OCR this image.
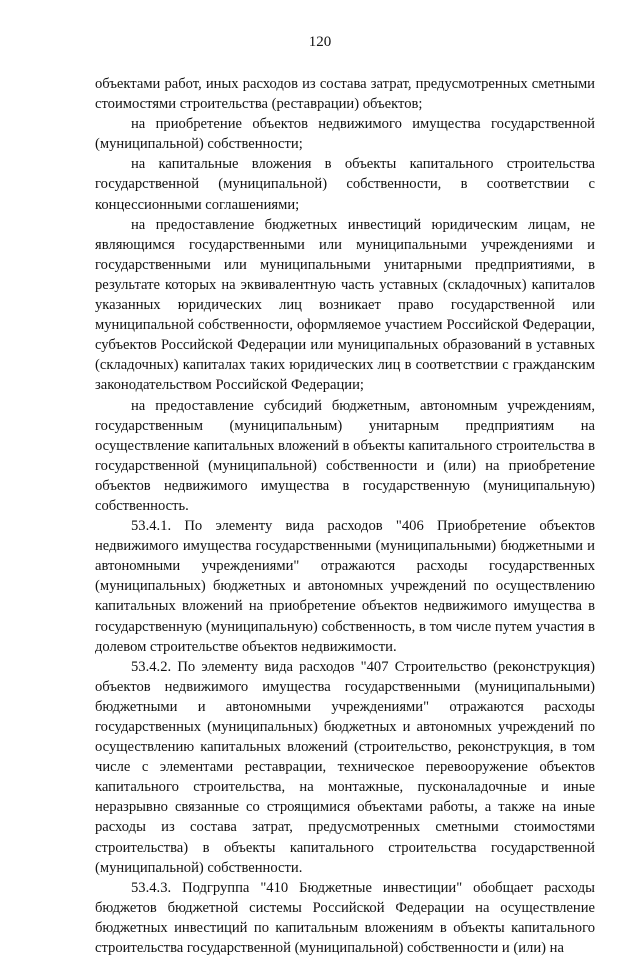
120

объектами работ, иных расходов из состава затрат, предусмотренных сметными стоимостями строительства (реставрации) объектов;

на приобретение объектов недвижимого имущества государственной (муниципальной) собственности;

на капитальные вложения в объекты капитального строительства государственной (муниципальной) собственности, в соответствии с концессионными соглашениями;

на предоставление бюджетных инвестиций юридическим лицам, не являющимся государственными или муниципальными учреждениями и государственными или муниципальными унитарными предприятиями, в результате которых на эквивалентную часть уставных (складочных) капиталов указанных юридических лиц возникает право государственной или муниципальной собственности, оформляемое участием Российской Федерации, субъектов Российской Федерации или муниципальных образований в уставных (складочных) капиталах таких юридических лиц в соответствии с гражданским законодательством Российской Федерации;

на предоставление субсидий бюджетным, автономным учреждениям, государственным (муниципальным) унитарным предприятиям на осуществление капитальных вложений в объекты капитального строительства в государственной (муниципальной) собственности и (или) на приобретение объектов недвижимого имущества в государственную (муниципальную) собственность.

53.4.1. По элементу вида расходов "406 Приобретение объектов недвижимого имущества государственными (муниципальными) бюджетными и автономными учреждениями" отражаются расходы государственных (муниципальных) бюджетных и автономных учреждений по осуществлению капитальных вложений на приобретение объектов недвижимого имущества в государственную (муниципальную) собственность, в том числе путем участия в долевом строительстве объектов недвижимости.

53.4.2. По элементу вида расходов "407 Строительство (реконструкция) объектов недвижимого имущества государственными (муниципальными) бюджетными и автономными учреждениями" отражаются расходы государственных (муниципальных) бюджетных и автономных учреждений по осуществлению капитальных вложений (строительство, реконструкция, в том числе с элементами реставрации, техническое перевооружение объектов капитального строительства, на монтажные, пусконаладочные и иные неразрывно связанные со строящимися объектами работы, а также на иные расходы из состава затрат, предусмотренных сметными стоимостями строительства) в объекты капитального строительства государственной (муниципальной) собственности.

53.4.3. Подгруппа "410 Бюджетные инвестиции" обобщает расходы бюджетов бюджетной системы Российской Федерации на осуществление бюджетных инвестиций по капитальным вложениям в объекты капитального строительства государственной (муниципальной) собственности и (или) на
